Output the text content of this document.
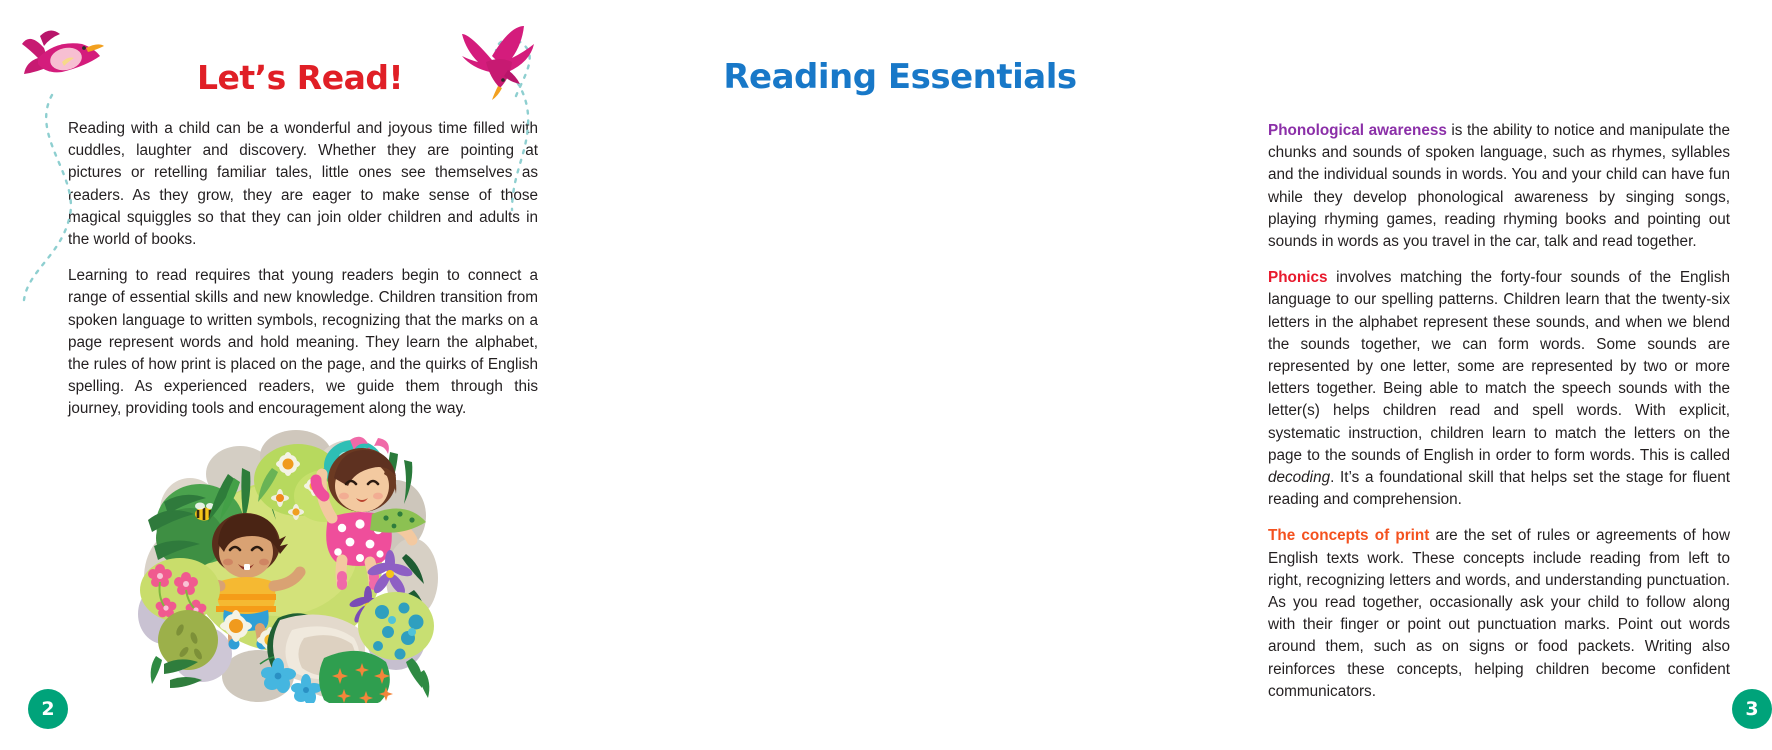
Let’s Read!

Reading with a child can be a wonderful and joyous time filled with cuddles, laughter and discovery. Whether they are pointing at pictures or retelling familiar tales, little ones see themselves as readers. As they grow, they are eager to make sense of those magical squiggles so that they can join older children and adults in the world of books.

Learning to read requires that young readers begin to connect a range of essential skills and new knowledge. Children transition from spoken language to written symbols, recognizing that the marks on a page represent words and hold meaning. They learn the alphabet, the rules of how print is placed on the page, and the quirks of English spelling. As experienced readers, we guide them through this journey, providing tools and encouragement along the way.

2
Reading Essentials

Phonological awareness is the ability to notice and manipulate the chunks and sounds of spoken language, such as rhymes, syllables and the individual sounds in words. You and your child can have fun while they develop phonological awareness by singing songs, playing rhyming games, reading rhyming books and pointing out sounds in words as you travel in the car, talk and read together.

Phonics involves matching the forty-four sounds of the English language to our spelling patterns. Children learn that the twenty-six letters in the alphabet represent these sounds, and when we blend the sounds together, we can form words. Some sounds are represented by one letter, some are represented by two or more letters together. Being able to match the speech sounds with the letter(s) helps children read and spell words. With explicit, systematic instruction, children learn to match the letters on the page to the sounds of English in order to form words. This is called decoding. It’s a foundational skill that helps set the stage for fluent reading and comprehension.

The concepts of print are the set of rules or agreements of how English texts work. These concepts include reading from left to right, recognizing letters and words, and understanding punctuation. As you read together, occasionally ask your child to follow along with their finger or point out punctuation marks. Point out words around them, such as on signs or food packets. Writing also reinforces these concepts, helping children become confident communicators.

3
